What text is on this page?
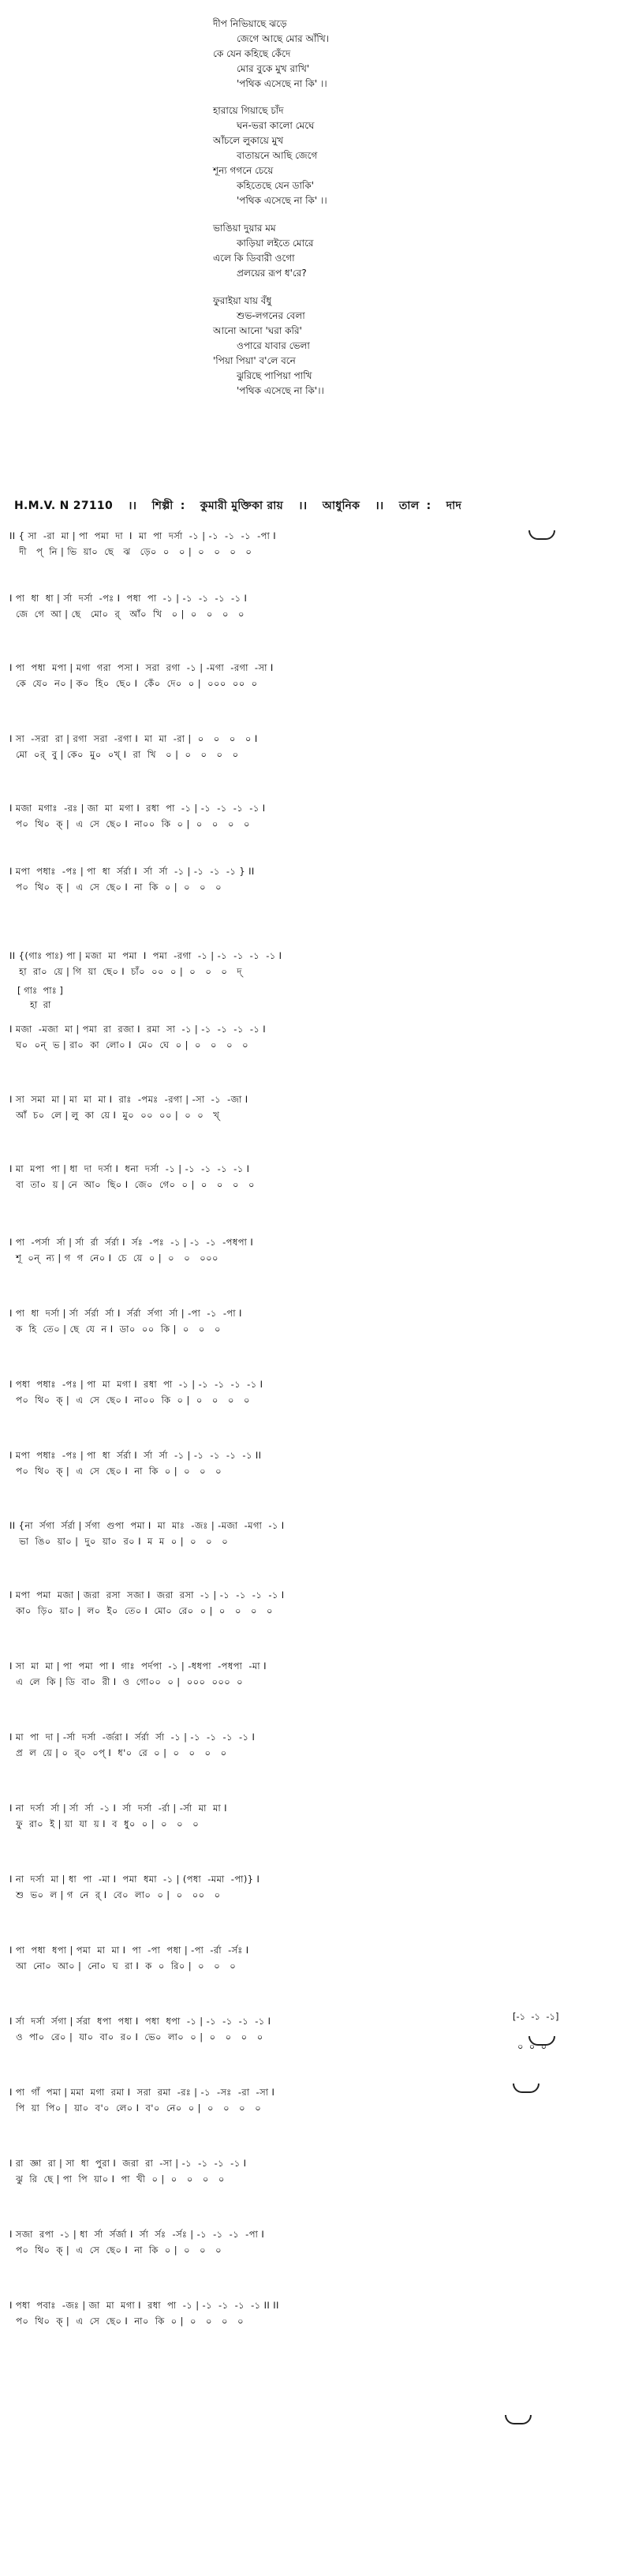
দীপ নিভিয়াছে ঝড়ে
জেগে আছে মোর আঁখি।
কে যেন কহিছে কেঁদে
মোর বুকে মুখ রাখি'
'পথিক এসেছে না কি' ।।
হারায়ে গিয়াছে চাঁদ
ঘন-ভরা কালো মেঘে
আঁচলে লুকায়ে মুখ
বাতায়নে আছি জেগে
শূন্য গগনে চেয়ে
কহিতেছে যেন ডাকি'
'পথিক এসেছে না কি' ।।
ভাঙিয়া দুয়ার মম
কাড়িয়া লইতে মোরে
এলে কি ডিবারী ওগো
প্রলয়ের রূপ ধ'রে?
ফুরাইয়া যায় বঁধু
শুভ-লগনের বেলা
আনো আনো 'ঘরা করি'
ওপারে যাবার ভেলা
'পিয়া পিয়া' ব'লে বনে
ঝুরিছে পাপিয়া পাখি
'পথিক এসেছে না কি'।।
H.M.V. N 27110 ।। শিল্পী : কুমারী মুক্তিকা রায় ।। আধুনিক ।। তাল : দাদ
II { সা  -রা  মা | পা  পমা  দা  I  মা  পা  দর্সা  -১ | -১  -১  -১  -পা I
দী   প্  নি | ভি  য়া০  ছে   ঝ   ড়ে০  ০   ০ |  ০   ০   ০   ০
I পা  ধা  ধা | র্সা  দর্সা  -পঃ I  পধা  পা  -১ | -১  -১  -১  -১ I
জে  গে  আ | ছে   মো০  র্   আঁ০  খি   ০ |  ০   ০   ০   ০
I পা  পধা  মপা | মগা  গরা  পসা I  সরা  রগা  -১ | -মগা  -রগা  -সা I
কে  যে০  ন০ | ক০  হি০  ছে০ I  কেঁ০  দে০  ০ |  ০০০  ০০  ০
I সা  -সরা  রা | রগা  সরা  -রগা I  মা  মা  -রা |  ০   ০   ০   ০ I
মো  ০র্  বু | কে০  মু০  ০খ্ I  রা  খি   ০ |  ০   ০   ০   ০
I মজা  মগাঃ  -রঃ | জা  মা  মগা I  রধা  পা  -১ | -১  -১  -১  -১ I
প০  থি০  ক্ |  এ  সে  ছে০ I  না০০  কি  ০ |  ০   ০   ০   ০
I মপা  পধাঃ  -পঃ | পা  ধা  র্সর্রা I  র্সা  র্সা  -১ | -১  -১  -১ } II
প০  থি০  ক্ |  এ  সে  ছে০ I  না  কি  ০ |  ০   ০   ০
II {(গাঃ পাঃ) পা | মজা  মা  পমা  I  পমা  -রগা  -১ | -১  -১  -১  -১ I
হা  রা০  য়ে | গি  য়া  ছে০ I  চাঁ০  ০০  ০ |  ০   ০   ০   দ্
I মজা  -মজা  মা | পমা  রা  রজা I  রমা  সা  -১ | -১  -১  -১  -১ I
ঘ০  ০ন্  ভ | রা০  কা  লো০ I  মে০  ঘে  ০ |  ০   ০   ০   ০
I সা  সমা  মা | মা  মা  মা I  রাঃ  -পমঃ  -রগা | -সা  -১  -জা I
আঁ  চ০  লে | লু  কা  য়ে I  মু০  ০০  ০০ |  ০  ০   খ্
I মা  মপা  পা | ধা  দা  দর্সা I  ধনা  দর্সা  -১ | -১  -১  -১  -১ I
বা  তা০  য় | নে  আ০  ছি০ I  জে০  গে০  ০ |  ০   ০   ০   ০
I পা  -পর্সা  র্সা | র্সা  র্রা  র্সর্রা I  র্সঃ  -পঃ  -১ | -১  -১  -পধপা I
শূ  ০ন্  ন্য | গ  গ  নে০ I  চে  য়ে  ০ |  ০   ০   ০০০
I পা  ধা  দর্সা | র্সা  র্সর্রা  র্সা I  র্সর্রা  র্সগা  র্সা | -পা  -১  -পা I
ক  হি  তে০ | ছে  যে  ন I  ডা০  ০০  কি |  ০   ০   ০
I পধা  পধাঃ  -পঃ | পা  মা  মগা I  রধা  পা  -১ | -১  -১  -১  -১ I
প০  থি০  ক্ |  এ  সে  ছে০ I  না০০  কি  ০ |  ০   ০   ০   ০
I মপা  পধাঃ  -পঃ | পা  ধা  র্সর্রা I  র্সা  র্সা  -১ | -১  -১  -১  -১ II
প০  থি০  ক্ |  এ  সে  ছে০ I  না  কি  ০ |  ০   ০   ০
II {না  র্সগা  র্সর্রা | র্সগা  গুপা  পমা I  মা  মাঃ  -জঃ | -মজা  -মগা  -১ I
ভা  ঙি০  য়া০ |  দু০  য়া০  র০ I  ম  ম  ০ |  ০   ০   ০
I মপা  পমা  মজা | জরা  রসা  সজা I  জরা  রসা  -১ | -১  -১  -১  -১ I
কা০  ড়ি০  য়া০ |  ল০  ই০  তে০ I  মো০  রে০  ০ |  ০   ০   ০   ০
I সা  মা  মা | পা  পমা  পা I  গাঃ  পর্দপা  -১ | -ধধপা  -পধপা  -মা I
এ  লে  কি | ডি  বা০  রী I  ও  গো০০  ০ |  ০০০  ০০০  ০
I মা  পা  দা | -র্সা  দর্সা  -র্জরা I  র্সর্রা  র্সা  -১ | -১  -১  -১  -১ I
প্র  ল  য়ে | ০  র্০  ০প্ I  ধ'০  রে  ০ |  ০   ০   ০   ০
I না  দর্সা  র্সা | র্সা  র্সা  -১ I  র্সা  দর্সা  -র্রা | -র্সা  মা  মা I
ফু  রা০  ই | য়া  যা  য় I  ব  ধু০  ০ |  ০   ০   ০
I না  দর্সা  মা | ধা  পা  -মা I  পমা  ধমা  -১ | (পধা  -মমা  -পা)} I
শু  ভ০  ল | গ  নে  র্ I  বে০  লা০  ০ |  ০   ০০   ০
I পা  পধা  ধপা | পমা  মা  মা I  পা  -পা  পধা | -পা  -র্রা  -র্সঃ I
আ  নো০  আ০ |  নো০  ঘ  রা I  ক  ০  রি০ |  ০   ০   ০
I র্সা  দর্সা  র্সগা | র্সরা  ধপা  পধা I  পধা  ধপা  -১ | -১  -১  -১  -১ I
ও  পা০  রে০ |  যা০  বা০  র০ I  ভে০  লা০  ০ |  ০   ০   ০   ০
I পা  গাঁ  পমা | মমা  মগা  রমা I  সরা  রমা  -রঃ | -১  -সঃ  -রা  -সা I
পি  য়া  পি০ |  য়া০  ব'০  লে০ I  ব'০  নে০  ০ |  ০   ০   ০   ০
I রা  জ্ঞা  রা | সা  ধা  পুরা I  জরা  রা  -সা | -১  -১  -১  -১ I
ঝু  রি  ছে | পা  পি  য়া০ I  পা  খী  ০ |  ০   ০   ০   ০
I সজা  রপা  -১ | ধা  র্সা  র্সর্জা I  র্সা  র্সঃ  -র্সঃ | -১  -১  -১  -পা I
প০  থি০  ক্ |  এ  সে  ছে০ I  না  কি  ০ |  ০   ০   ০
I পধা  পবাঃ  -জঃ | জা  মা  মগা I  রধা  পা  -১ | -১  -১  -১  -১ II II
প০  থি০  ক্ |  এ  সে  ছে০ I  না০  কি  ০ |  ০   ০   ০   ০
[ গাঃ  পাঃ ]
হা  রা
[-১  -১  -১]
০  ০  ০
